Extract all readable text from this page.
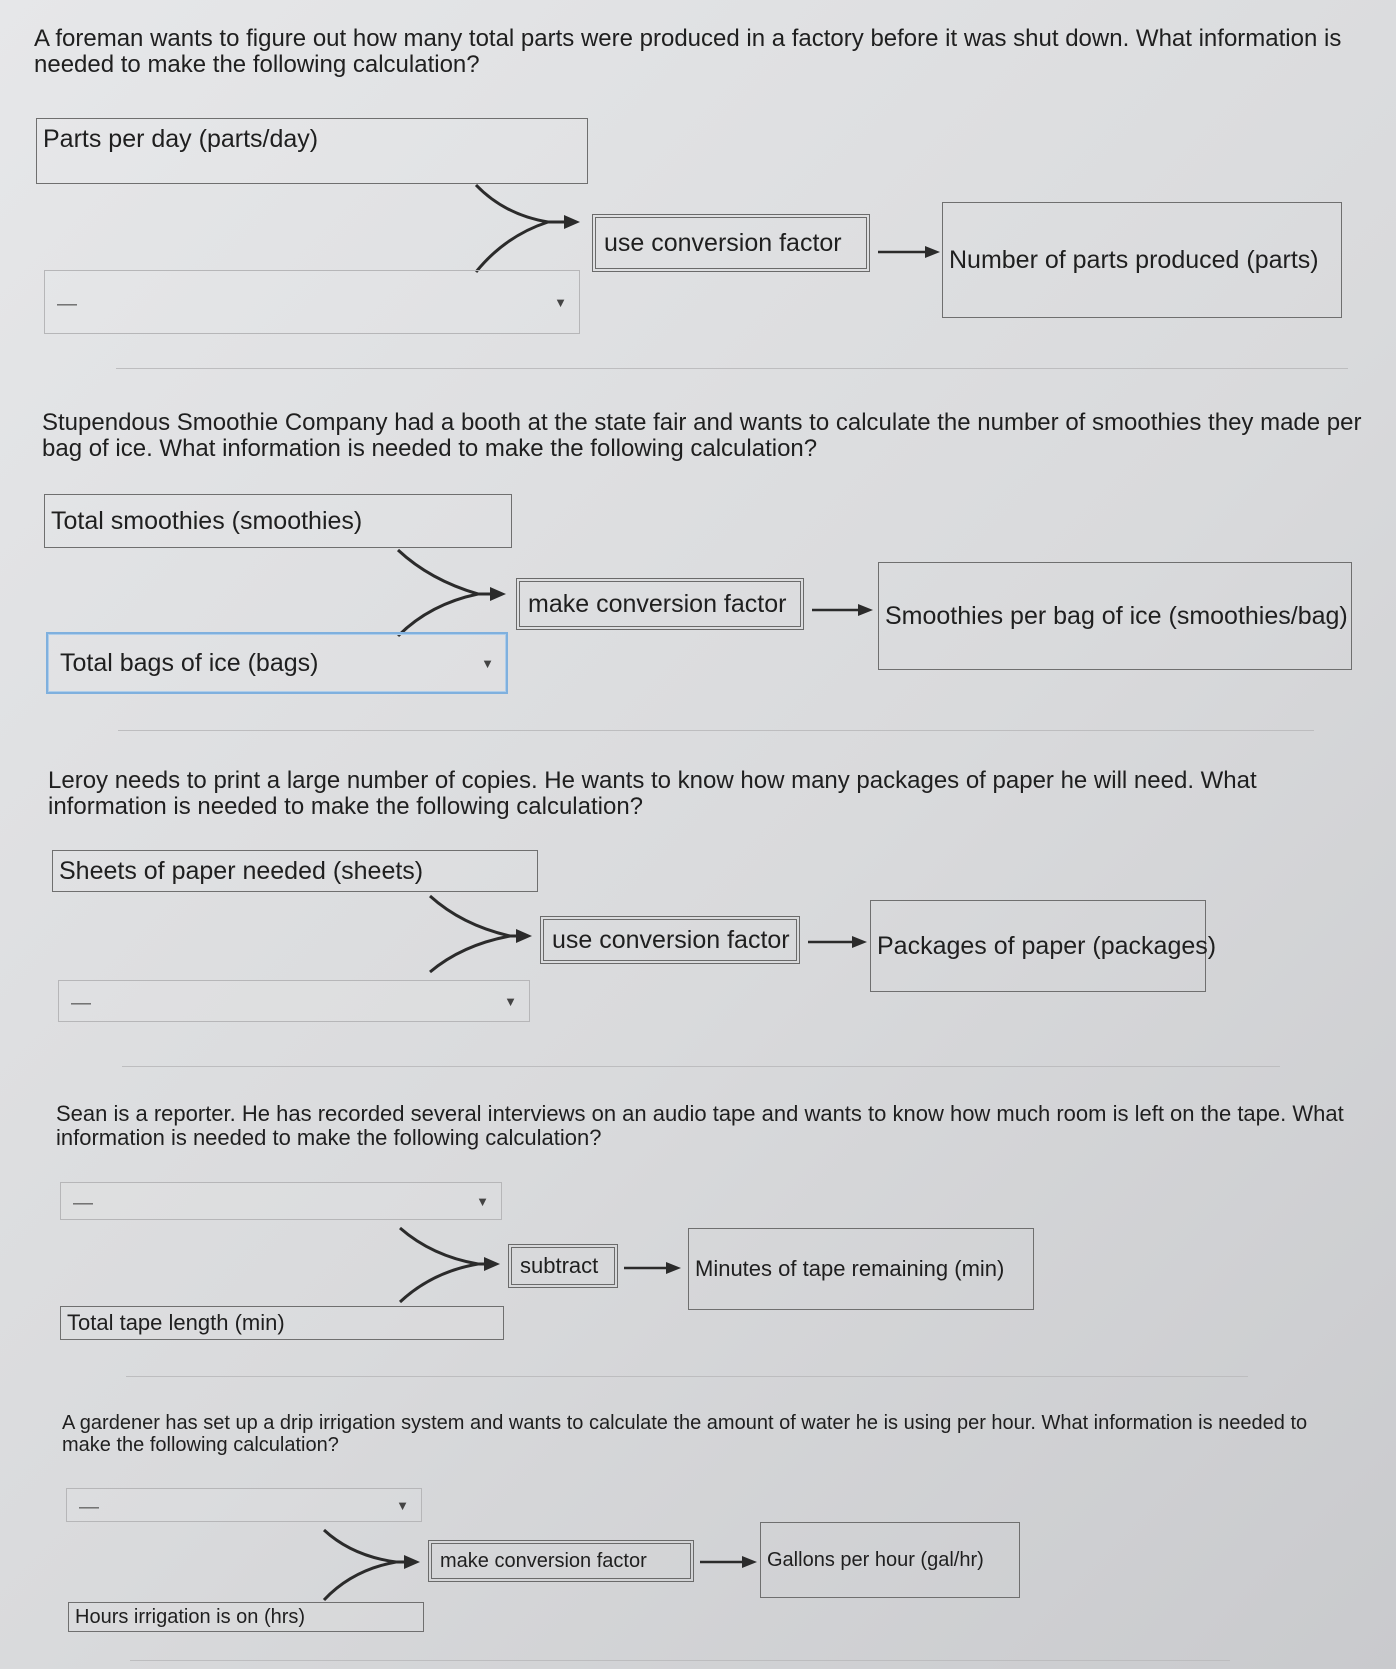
A foreman wants to figure out how many total parts were produced in a factory before it was shut down. What information is needed to make the following calculation?

Parts per day (parts/day)
—	▼
use conversion factor
Number of parts produced (parts)

Stupendous Smoothie Company had a booth at the state fair and wants to calculate the number of smoothies they made per bag of ice. What information is needed to make the following calculation?

Total smoothies (smoothies)
Total bags of ice (bags)	▼
make conversion factor	Smoothies per bag of ice (smoothies/bag)

Leroy needs to print a large number of copies. He wants to know how many packages of paper he will need. What information is needed to make the following calculation?

Sheets of paper needed (sheets)
—	▼
use conversion factor	Packages of paper (packages)

Sean is a reporter. He has recorded several interviews on an audio tape and wants to know how much room is left on the tape. What information is needed to make the following calculation?

—	▼
subtract	Minutes of tape remaining (min)
Total tape length (min)

A gardener has set up a drip irrigation system and wants to calculate the amount of water he is using per hour. What information is needed to make the following calculation?

—	▼
make conversion factor	Gallons per hour (gal/hr)
Hours irrigation is on (hrs)
